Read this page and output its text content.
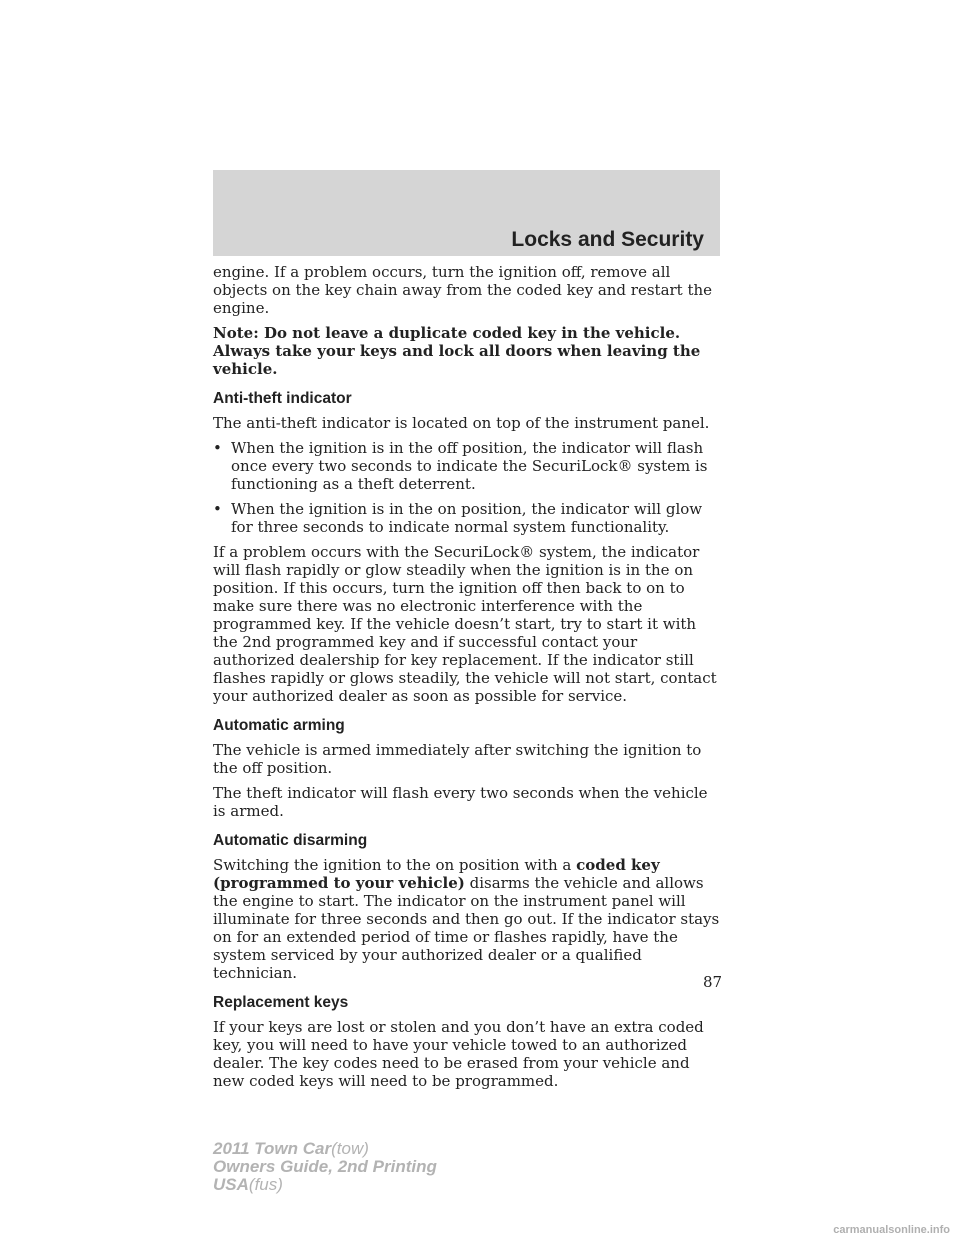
Locks and Security

engine. If a problem occurs, turn the ignition off, remove all objects on the key chain away from the coded key and restart the engine.

Note: Do not leave a duplicate coded key in the vehicle. Always take your keys and lock all doors when leaving the vehicle.

Anti-theft indicator

The anti-theft indicator is located on top of the instrument panel.

• When the ignition is in the off position, the indicator will flash once every two seconds to indicate the SecuriLock® system is functioning as a theft deterrent.
• When the ignition is in the on position, the indicator will glow for three seconds to indicate normal system functionality.

If a problem occurs with the SecuriLock® system, the indicator will flash rapidly or glow steadily when the ignition is in the on position. If this occurs, turn the ignition off then back to on to make sure there was no electronic interference with the programmed key. If the vehicle doesn’t start, try to start it with the 2nd programmed key and if successful contact your authorized dealership for key replacement. If the indicator still flashes rapidly or glows steadily, the vehicle will not start, contact your authorized dealer as soon as possible for service.

Automatic arming

The vehicle is armed immediately after switching the ignition to the off position.

The theft indicator will flash every two seconds when the vehicle is armed.

Automatic disarming

Switching the ignition to the on position with a coded key (programmed to your vehicle) disarms the vehicle and allows the engine to start. The indicator on the instrument panel will illuminate for three seconds and then go out. If the indicator stays on for an extended period of time or flashes rapidly, have the system serviced by your authorized dealer or a qualified technician.

Replacement keys

If your keys are lost or stolen and you don’t have an extra coded key, you will need to have your vehicle towed to an authorized dealer. The key codes need to be erased from your vehicle and new coded keys will need to be programmed.

87
2011 Town Car(tow)
Owners Guide, 2nd Printing
USA(fus)
carmanualsonline.info
